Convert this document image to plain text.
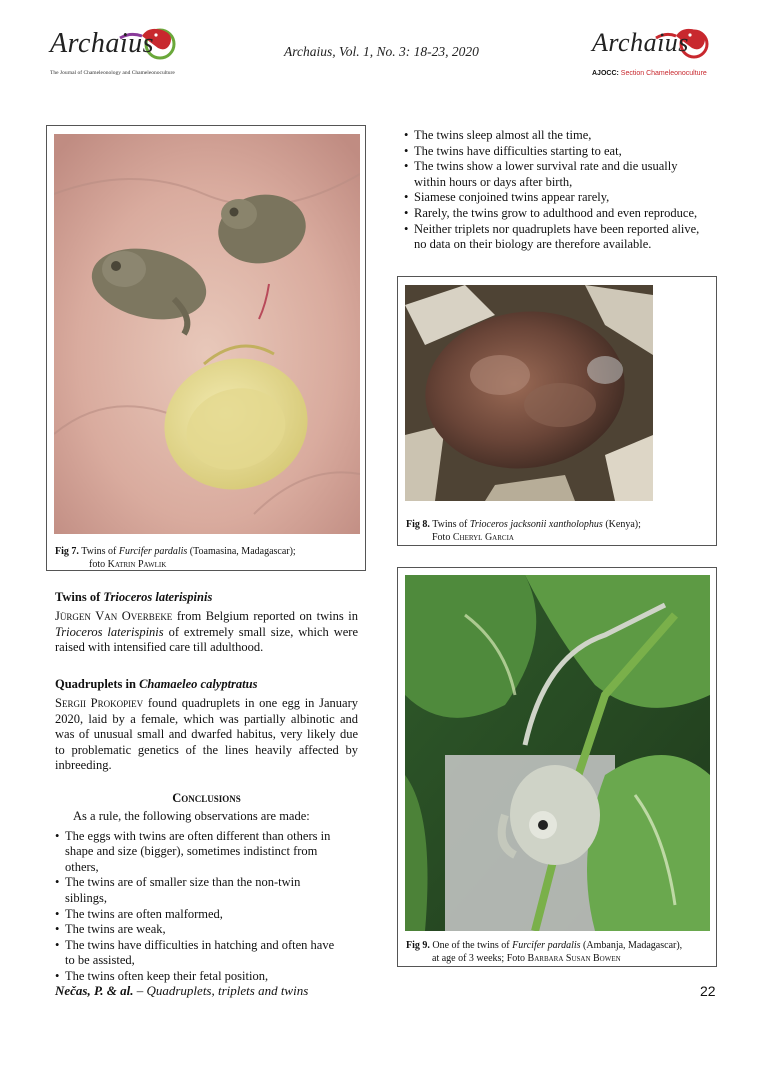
Archaius
The Journal of Chameleonology and Chameleonoculture
Archaius, Vol. 1, No. 3: 18-23, 2020	Archaius
AJOCC: Section Chameleonoculture
Fig 7. Twins of Furcifer pardalis (Toamasina, Madagascar);
foto Katrin Pawlik
• The twins sleep almost all the time,
• The twins have difficulties starting to eat,
• The twins show a lower survival rate and die usually within hours or days after birth,
• Siamese conjoined twins appear rarely,
• Rarely, the twins grow to adulthood and even reproduce,
• Neither triplets nor quadruplets have been reported alive, no data on their biology are therefore available.
Fig 8. Twins of Trioceros jacksonii xantholophus (Kenya);
Foto Cheryl Garcia
Fig 9. One of the twins of Furcifer pardalis (Ambanja, Madagascar),
at age of 3 weeks; Foto Barbara Susan Bowen
Twins of Trioceros laterispinis
Jürgen Van Overbeke from Belgium reported on twins in Trioceros laterispinis of extremely small size, which were raised with intensified care till adulthood.
Quadruplets in Chamaeleo calyptratus
Sergii Prokopiev found quadruplets in one egg in January 2020, laid by a female, which was partially albinotic and was of unusual small and dwarfed habitus, very likely due to problematic genetics of the lines heavily affected by inbreeding.
Conclusions
As a rule, the following observations are made:
• The eggs with twins are often different than others in shape and size (bigger), sometimes indistinct from others,
• The twins are of smaller size than the non-twin siblings,
• The twins are often malformed,
• The twins are weak,
• The twins have difficulties in hatching and often have to be assisted,
• The twins often keep their fetal position,
Nečas, P. & al. – Quadruplets, triplets and twins	22
